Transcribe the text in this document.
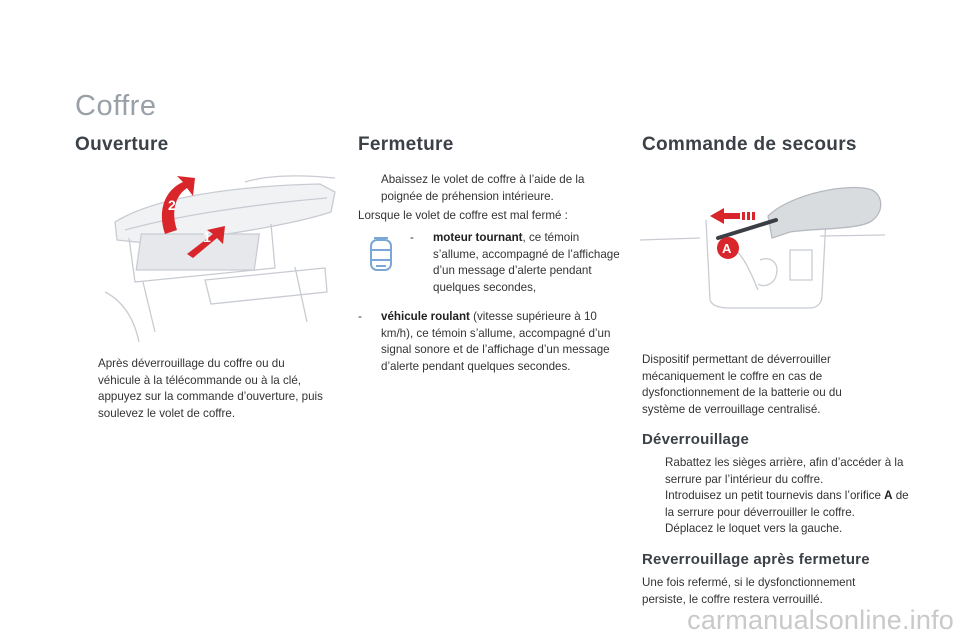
Coffre
Ouverture
2
1
Après déverrouillage du coffre ou du véhicule à la télécommande ou à la clé, appuyez sur la commande d’ouverture, puis soulevez le volet de coffre.
Fermeture
Abaissez le volet de coffre à l’aide de la poignée de préhension intérieure.
Lorsque le volet de coffre est mal fermé :
- moteur tournant, ce témoin s’allume, accompagné de l’affichage d’un message d’alerte pendant quelques secondes,
- véhicule roulant (vitesse supérieure à 10 km/h), ce témoin s’allume, accompagné d’un signal sonore et de l’affichage d’un message d’alerte pendant quelques secondes.
Commande de secours
A
Dispositif permettant de déverrouiller mécaniquement le coffre en cas de dysfonctionnement de la batterie ou du système de verrouillage centralisé.
Déverrouillage
Rabattez les sièges arrière, afin d’accéder à la serrure par l’intérieur du coffre.
Introduisez un petit tournevis dans l’orifice A de la serrure pour déverrouiller le coffre.
Déplacez le loquet vers la gauche.
Reverrouillage après fermeture
Une fois refermé, si le dysfonctionnement persiste, le coffre restera verrouillé.
carmanualsonline.info
